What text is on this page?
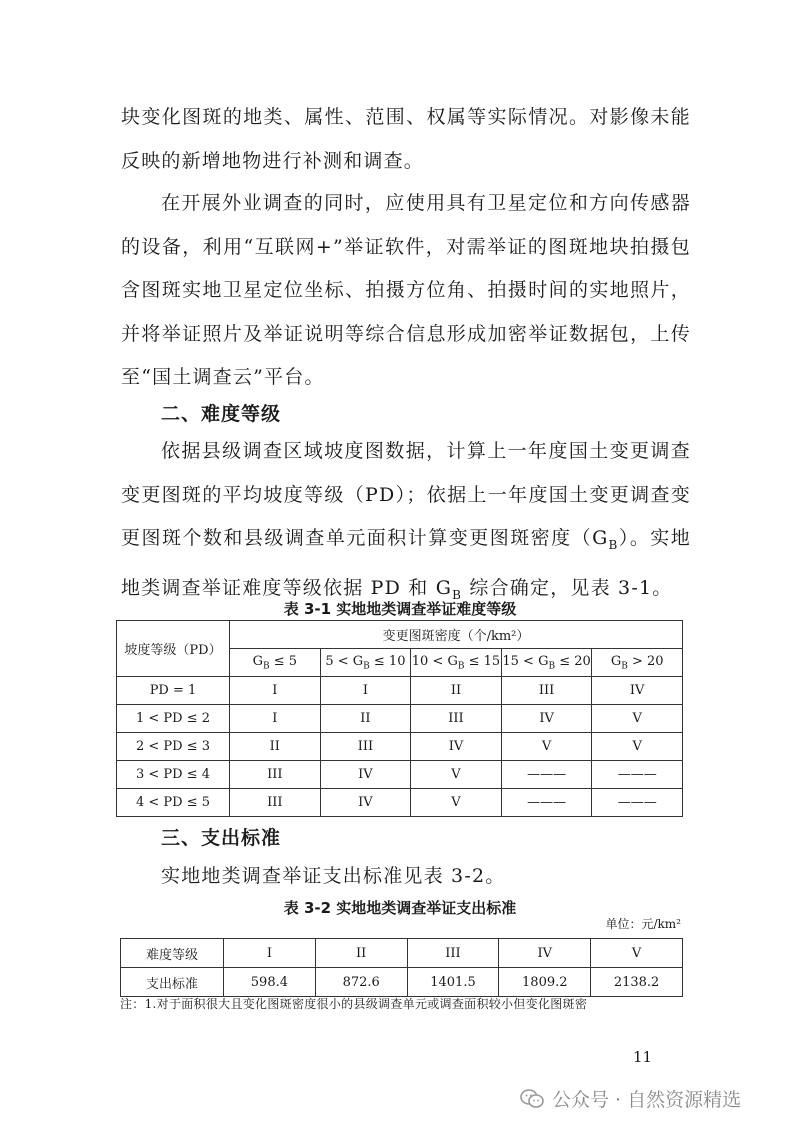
块变化图斑的地类、属性、范围、权属等实际情况。对影像未能反映的新增地物进行补测和调查。

在开展外业调查的同时，应使用具有卫星定位和方向传感器的设备，利用“互联网+”举证软件，对需举证的图斑地块拍摄包含图斑实地卫星定位坐标、拍摄方位角、拍摄时间的实地照片，并将举证照片及举证说明等综合信息形成加密举证数据包，上传至“国土调查云”平台。

二、难度等级

依据县级调查区域坡度图数据，计算上一年度国土变更调查变更图斑的平均坡度等级（PD）；依据上一年度国土变更调查变更图斑个数和县级调查单元面积计算变更图斑密度$(G_B)$。实地地类调查举证难度等级依据 PD 和 $G_B$ 综合确定，见表 3-1。

表 3-1 实地地类调查举证难度等级
坡度等级（PD）	变更图斑密度（个/km²）				
	$G_B \le 5$	$5 < G_B \le 10$	$10 < G_B \le 15$	$15 < G_B \le 20$	$G_B > 20$
PD = 1	I	I	II	III	IV
1 < PD ≤ 2	I	II	III	IV	V
2 < PD ≤ 3	II	III	IV	V	V
3 < PD ≤ 4	III	IV	V	———	———
4 < PD ≤ 5	III	IV	V	———	———

三、支出标准

实地地类调查举证支出标准见表 3-2。

表 3-2 实地地类调查举证支出标准
单位：元/km²
难度等级	I	II	III	IV	V
支出标准	598.4	872.6	1401.5	1809.2	2138.2
注：1.对于面积很大且变化图斑密度很小的县级调查单元或调查面积较小但变化图斑密
11
公众号 · 自然资源精选
